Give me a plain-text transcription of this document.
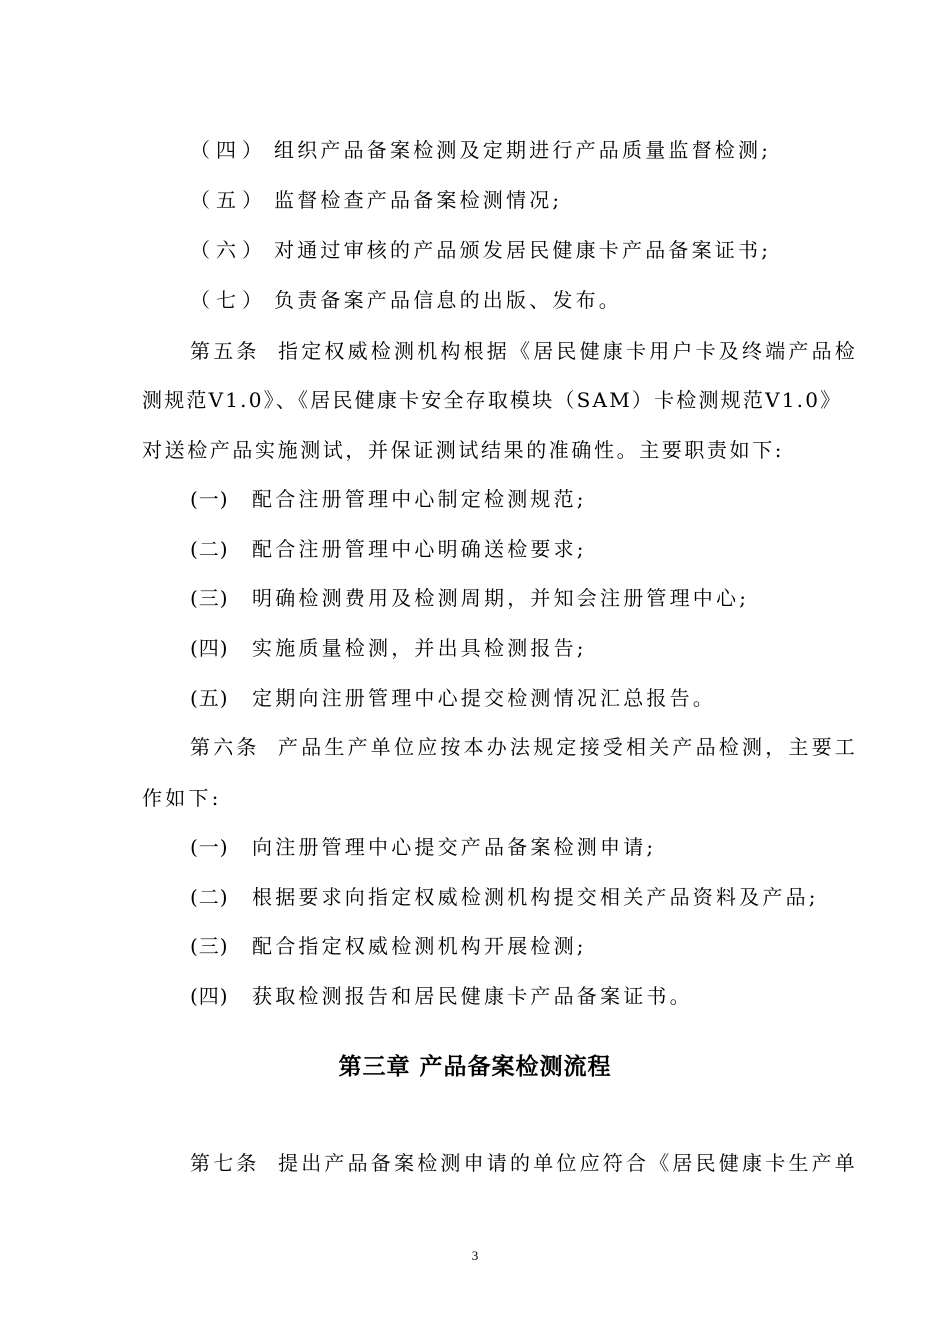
（四） 组织产品备案检测及定期进行产品质量监督检测;
（五） 监督检查产品备案检测情况;
（六） 对通过审核的产品颁发居民健康卡产品备案证书;
（七） 负责备案产品信息的出版、发布。
第五条 指定权威检测机构根据《居民健康卡用户卡及终端产品检
测规范V1.0》、《居民健康卡安全存取模块（SAM）卡检测规范V1.0》
对送检产品实施测试，并保证测试结果的准确性。主要职责如下:
(一) 配合注册管理中心制定检测规范;
(二) 配合注册管理中心明确送检要求;
(三) 明确检测费用及检测周期，并知会注册管理中心;
(四) 实施质量检测，并出具检测报告;
(五) 定期向注册管理中心提交检测情况汇总报告。
第六条 产品生产单位应按本办法规定接受相关产品检测，主要工
作如下:
(一) 向注册管理中心提交产品备案检测申请;
(二) 根据要求向指定权威检测机构提交相关产品资料及产品;
(三) 配合指定权威检测机构开展检测;
(四) 获取检测报告和居民健康卡产品备案证书。
第三章 产品备案检测流程
第七条 提出产品备案检测申请的单位应符合《居民健康卡生产单
3
